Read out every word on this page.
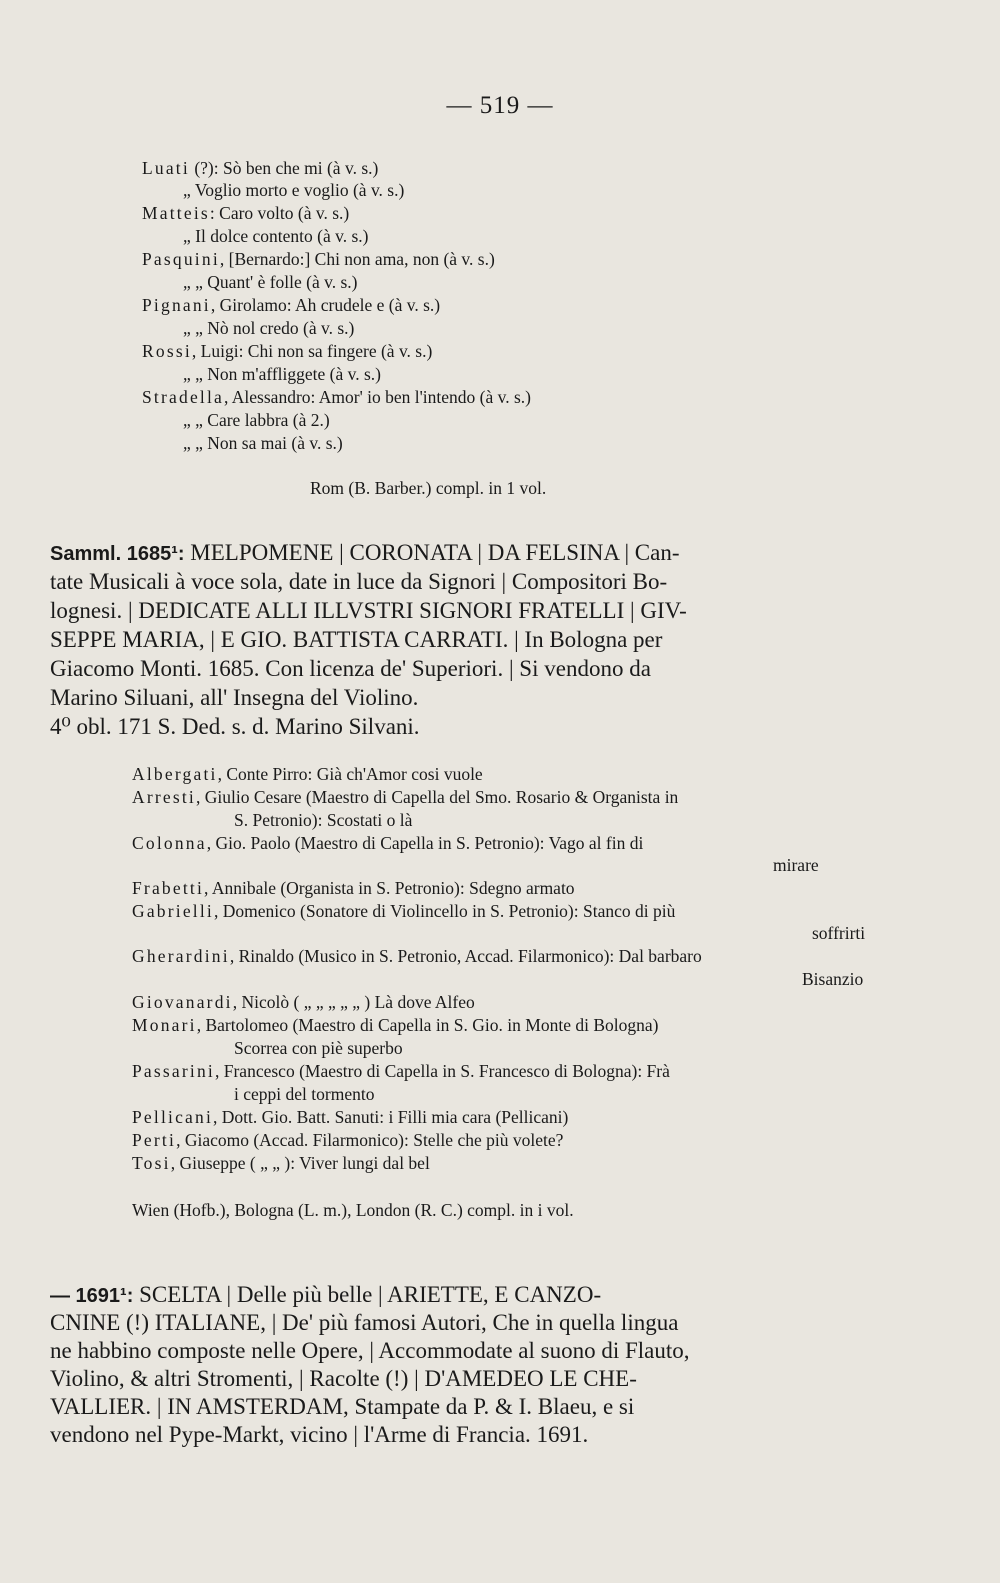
— 519 —
Luati (?): Sò ben che mi (à v. s.)
„ Voglio morto e voglio (à v. s.)
Matteis: Caro volto (à v. s.)
„ Il dolce contento (à v. s.)
Pasquini, [Bernardo:] Chi non ama, non (à v. s.)
„ „ Quant' è folle (à v. s.)
Pignani, Girolamo: Ah crudele e (à v. s.)
„ „ Nò nol credo (à v. s.)
Rossi, Luigi: Chi non sa fingere (à v. s.)
„ „ Non m'affliggete (à v. s.)
Stradella, Alessandro: Amor' io ben l'intendo (à v. s.)
„ „ Care labbra (à 2.)
„ „ Non sa mai (à v. s.)
Rom (B. Barber.) compl. in 1 vol.
Samml. 1685¹: MELPOMENE | CORONATA | DA FELSINA | Can-
tate Musicali à voce sola, date in luce da Signori | Compositori Bo-
lognesi. | DEDICATE ALLI ILLVSTRI SIGNORI FRATELLI | GIV-
SEPPE MARIA, | E GIO. BATTISTA CARRATI. | In Bologna per
Giacomo Monti. 1685. Con licenza de' Superiori. | Si vendono da
Marino Siluani, all' Insegna del Violino.
4⁰ obl. 171 S. Ded. s. d. Marino Silvani.
Albergati, Conte Pirro: Già ch'Amor cosi vuole
Arresti, Giulio Cesare (Maestro di Capella del Smo. Rosario & Organista in
S. Petronio): Scostati o là
Colonna, Gio. Paolo (Maestro di Capella in S. Petronio): Vago al fin di
mirare
Frabetti, Annibale (Organista in S. Petronio): Sdegno armato
Gabrielli, Domenico (Sonatore di Violincello in S. Petronio): Stanco di più
soffrirti
Gherardini, Rinaldo (Musico in S. Petronio, Accad. Filarmonico): Dal barbaro
Bisanzio
Giovanardi, Nicolò ( „ „ „ „ „ ) Là dove Alfeo
Monari, Bartolomeo (Maestro di Capella in S. Gio. in Monte di Bologna)
Scorrea con piè superbo
Passarini, Francesco (Maestro di Capella in S. Francesco di Bologna): Frà
i ceppi del tormento
Pellicani, Dott. Gio. Batt. Sanuti: i Filli mia cara (Pellicani)
Perti, Giacomo (Accad. Filarmonico): Stelle che più volete?
Tosi, Giuseppe ( „ „ ): Viver lungi dal bel
Wien (Hofb.), Bologna (L. m.), London (R. C.) compl. in i vol.
— 1691¹: SCELTA | Delle più belle | ARIETTE, E CANZO-
CNINE (!) ITALIANE, | De' più famosi Autori, Che in quella lingua
ne habbino composte nelle Opere, | Accommodate al suono di Flauto,
Violino, & altri Stromenti, | Racolte (!) | D'AMEDEO LE CHE-
VALLIER. | IN AMSTERDAM, Stampate da P. & I. Blaeu, e si
vendono nel Pype-Markt, vicino | l'Arme di Francia. 1691.
